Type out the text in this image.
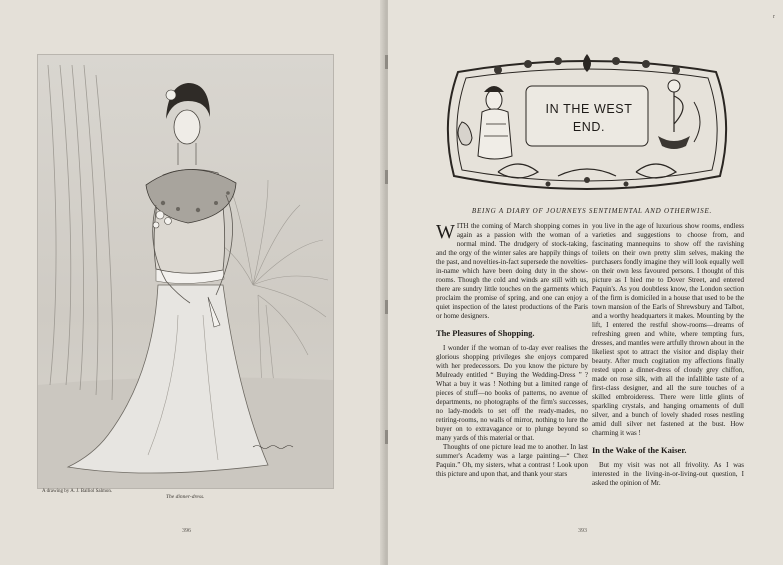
A drawing by A. J. Balliol Salmon.
The dinner-dress.
396
r
IN THE WEST
END.
BEING A DIARY OF JOURNEYS SENTIMENTAL AND OTHERWISE.

WITH the coming of March shopping comes in again as a passion with the woman of a normal mind. The drudgery of stock-taking, and the orgy of the winter sales are happily things of the past, and novelties-in-fact supersede the novelties-in-name which have been doing duty in the show-rooms. Though the cold and winds are still with us, there are sundry little touches on the garments which proclaim the promise of spring, and one can enjoy a quiet inspection of the latest productions of the Paris or home designers.

The Pleasures of Shopping.

I wonder if the woman of to-day ever realises the glorious shopping privileges she enjoys compared with her predecessors. Do you know the picture by Mulready entitled “ Buying the Wedding-Dress ” ? What a buy it was ! Nothing but a limited range of pieces of stuff—no books of patterns, no avenue of departments, no photographs of the firm's successes, no lady-models to set off the ready-mades, no retiring-rooms, no walls of mirror, nothing to lure the buyer on to extravagance or to plunge beyond so many yards of this material or that.

Thoughts of one picture lead me to another. In last summer's Academy was a large painting—“ Chez Paquin.” Oh, my sisters, what a contrast ! Look upon this picture and upon that, and thank your stars

you live in the age of luxurious show rooms, endless varieties and suggestions to choose from, and fascinating mannequins to show off the ravishing toilets on their own pretty slim selves, making the purchasers fondly imagine they will look equally well on their own less favoured persons. I thought of this picture as I hied me to Dover Street, and entered Paquin's. As you doubtless know, the London section of the firm is domiciled in a house that used to be the town mansion of the Earls of Shrewsbury and Talbot, and a worthy headquarters it makes. Mounting by the lift, I entered the restful show-rooms—dreams of refreshing green and white, where tempting furs, dresses, and mantles were artfully thrown about in the likeliest spot to attract the visitor and display their beauty. After much cogitation my affections finally rested upon a dinner-dress of cloudy grey chiffon, made on rose silk, with all the infallible taste of a first-class designer, and all the sure touches of a skilled embroideress. There were little glints of sparkling crystals, and hanging ornaments of dull silver, and a bunch of lovely shaded roses nestling amid dull silver net fastened at the bust. How charming it was !

In the Wake of the Kaiser.

But my visit was not all frivolity. As I was interested in the living-in-or-living-out question, I asked the opinion of Mr.

393
